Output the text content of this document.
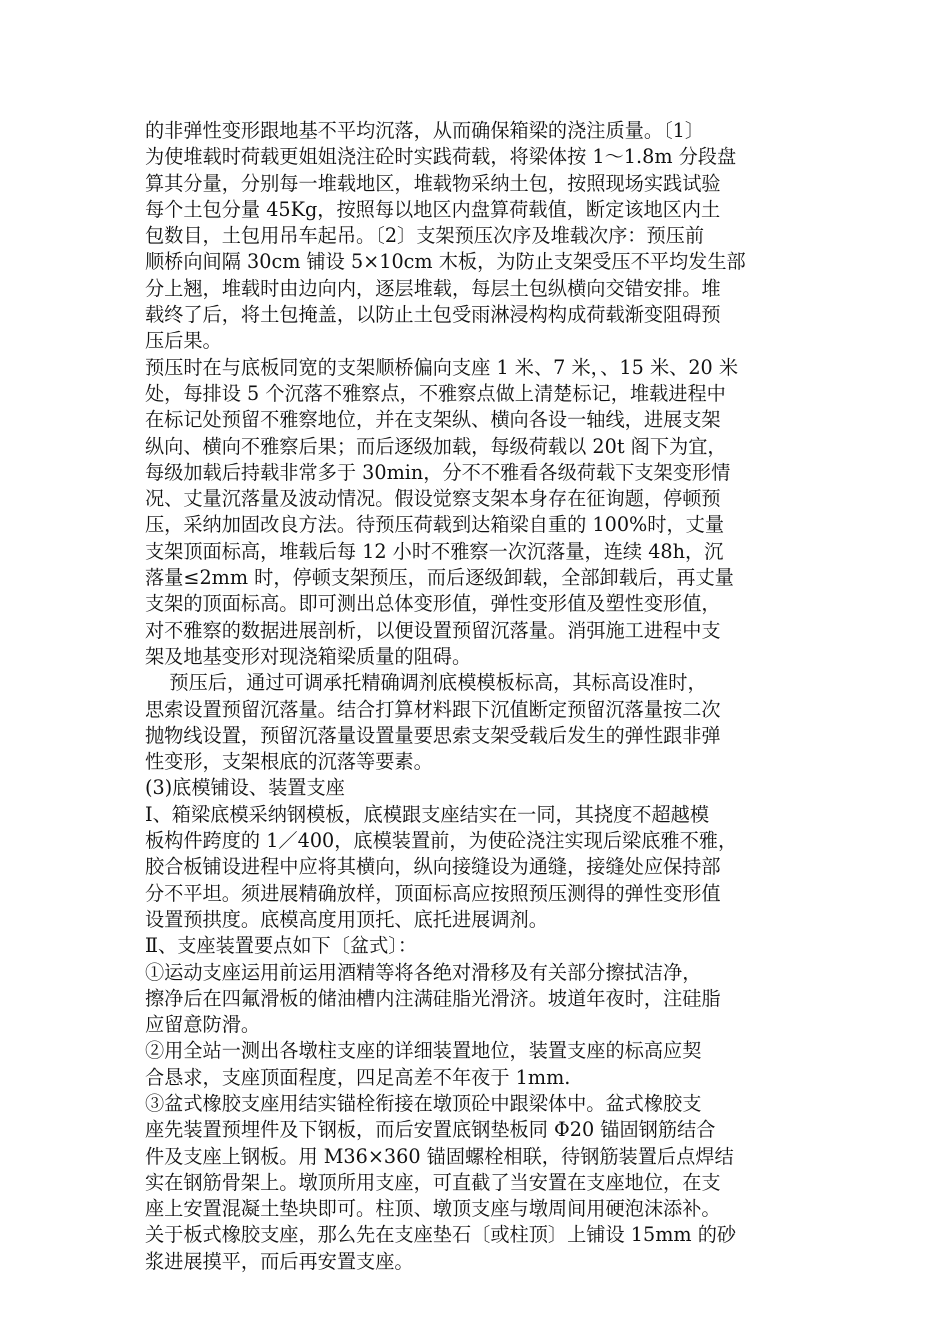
的非弹性变形跟地基不平均沉落，从而确保箱梁的浇注质量。〔1〕

为使堆载时荷载更姐姐浇注砼时实践荷载，将梁体按 1～1.8m 分段盘

算其分量，分别每一堆载地区，堆载物采纳土包，按照现场实践试验

每个土包分量 45Kg，按照每以地区内盘算荷载值，断定该地区内土

包数目，土包用吊车起吊。〔2〕支架预压次序及堆载次序：预压前

顺桥向间隔 30cm 铺设 5×10cm 木板，为防止支架受压不平均发生部

分上翘，堆载时由边向内，逐层堆载，每层土包纵横向交错安排。堆

载终了后，将土包掩盖，以防止土包受雨淋浸构构成荷载渐变阻碍预

压后果。

预压时在与底板同宽的支架顺桥偏向支座 1 米、7 米，、15 米、20 米

处，每排设 5 个沉落不雅察点，不雅察点做上清楚标记，堆载进程中

在标记处预留不雅察地位，并在支架纵、横向各设一轴线，进展支架

纵向、横向不雅察后果；而后逐级加载，每级荷载以 20t 阁下为宜，

每级加载后持载非常多于 30min，分不不雅看各级荷载下支架变形情

况、丈量沉落量及波动情况。假设觉察支架本身存在征询题，停顿预

压，采纳加固改良方法。待预压荷载到达箱梁自重的 100%时，丈量

支架顶面标高，堆载后每 12 小时不雅察一次沉落量，连续 48h，沉

落量≤2mm 时，停顿支架预压，而后逐级卸载，全部卸载后，再丈量

支架的顶面标高。即可测出总体变形值，弹性变形值及塑性变形值，

对不雅察的数据进展剖析，以便设置预留沉落量。消弭施工进程中支

架及地基变形对现浇箱梁质量的阻碍。

预压后，通过可调承托精确调剂底模模板标高，其标高设准时，

思索设置预留沉落量。结合打算材料跟下沉值断定预留沉落量按二次

抛物线设置，预留沉落量设置量要思索支架受载后发生的弹性跟非弹

性变形，支架根底的沉落等要素。

(3)底模铺设、装置支座

Ⅰ、箱梁底模采纳钢模板，底模跟支座结实在一同，其挠度不超越模

板构件跨度的 1／400，底模装置前，为使砼浇注实现后梁底雅不雅，

胶合板铺设进程中应将其横向，纵向接缝设为通缝，接缝处应保持部

分不平坦。须进展精确放样，顶面标高应按照预压测得的弹性变形值

设置预拱度。底模高度用顶托、底托进展调剂。

Ⅱ、支座装置要点如下〔盆式〕：

①运动支座运用前运用酒精等将各绝对滑移及有关部分擦拭洁净，

擦净后在四氟滑板的储油槽内注满硅脂光滑济。坡道年夜时，注硅脂

应留意防滑。

②用全站一测出各墩柱支座的详细装置地位，装置支座的标高应契

合恳求，支座顶面程度，四足高差不年夜于 1mm.

③盆式橡胶支座用结实锚栓衔接在墩顶砼中跟梁体中。盆式橡胶支

座先装置预埋件及下钢板，而后安置底钢垫板同 Φ20 锚固钢筋结合

件及支座上钢板。用 M36×360 锚固螺栓相联，待钢筋装置后点焊结

实在钢筋骨架上。墩顶所用支座，可直截了当安置在支座地位，在支

座上安置混凝土垫块即可。柱顶、墩顶支座与墩周间用硬泡沫添补。

关于板式橡胶支座，那么先在支座垫石〔或柱顶〕上铺设 15mm 的砂

浆进展摸平，而后再安置支座。
